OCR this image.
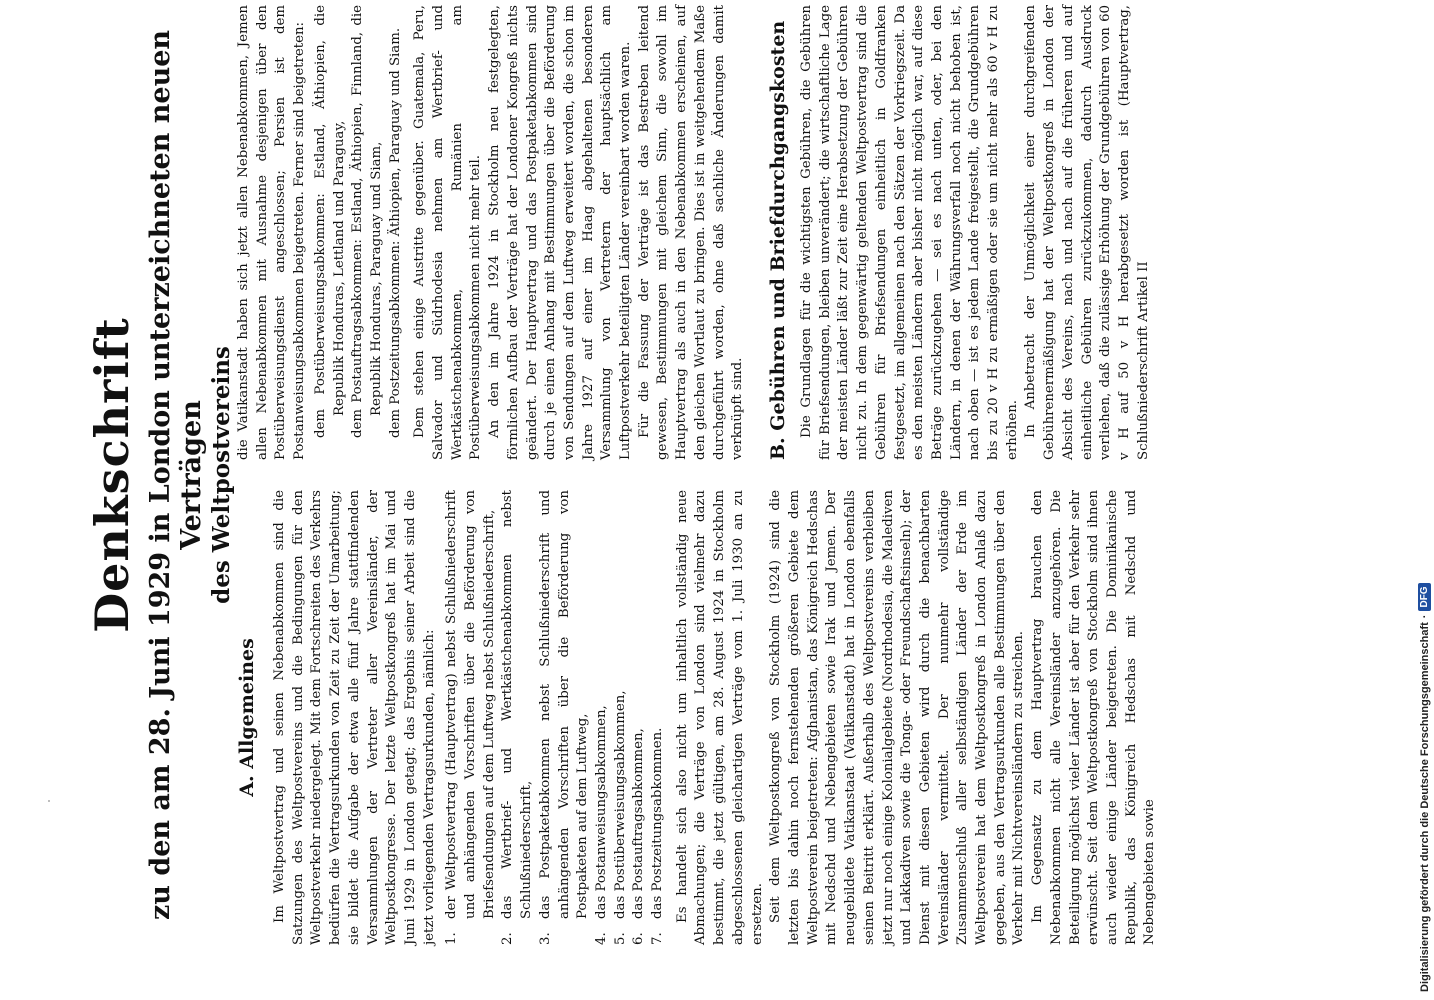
Denkschrift zu den am 28. Juni 1929 in London unterzeichneten neuen Verträgen des Weltpostvereins
A. Allgemeines Im Weltpostvertrag und seinen Nebenabkommen sind die Satzungen des Weltpostvereins und die Bedingungen für den Weltpostverkehr niedergelegt. Mit dem Fortschreiten des Verkehrs bedürfen die Vertragsurkunden von Zeit zu Zeit der Umarbeitung; sie bildet die Aufgabe der etwa alle fünf Jahre stattfindenden Versammlungen der Vertreter aller Vereinsländer, der Weltpostkongresse. Der letzte Weltpostkongreß hat im Mai und Juni 1929 in London getagt; das Ergebnis seiner Arbeit sind die jetzt vorliegenden Vertragsurkunden, nämlich: 1.
der Weltpostvertrag (Hauptvertrag) nebst Schlußniederschrift und anhängenden Vorschriften über die Beförderung von Briefsendungen auf dem Luftweg nebst Schlußniederschrift,
2.
das Wertbrief- und Wertkästchenabkommen nebst Schlußniederschrift,
3.
das Postpaketabkommen nebst Schlußniederschrift und anhängenden Vorschriften über die Beförderung von Postpaketen auf dem Luftweg,
4.
das Postanweisungsabkommen,
5.
das Postüberweisungsabkommen,
6.
das Postauftragsabkommen,
7.
das Postzeitungsabkommen. Es handelt sich also nicht um inhaltlich vollständig neue Abmachungen; die Verträge von London sind vielmehr dazu bestimmt, die jetzt gültigen, am 28. August 1924 in Stockholm abgeschlossenen gleichartigen Verträge vom 1. Juli 1930 an zu ersetzen. Seit dem Weltpostkongreß von Stockholm (1924) sind die letzten bis dahin noch fernstehenden größeren Gebiete dem Weltpostverein beigetreten: Afghanistan, das Königreich Hedschas mit Nedschd und Nebengebieten sowie Irak und Jemen. Der neugebildete Vatikanstaat (Vatikanstadt) hat in London ebenfalls seinen Beitritt erklärt. Außerhalb des Weltpostvereins verbleiben jetzt nur noch einige Kolonialgebiete (Nordrhodesia, die Malediven und Lakkadiven sowie die Tonga- oder Freundschaftsinseln); der Dienst mit diesen Gebieten wird durch die benachbarten Vereinsländer vermittelt. Der nunmehr vollständige Zusammenschluß aller selbständigen Länder der Erde im Weltpostverein hat dem Weltpostkongreß in London Anlaß dazu gegeben, aus den Vertragsurkunden alle Bestimmungen über den Verkehr mit Nichtvereinsländern zu streichen. Im Gegensatz zu dem Hauptvertrag brauchen den Nebenabkommen nicht alle Vereinsländer anzugehören. Die Beteiligung möglichst vieler Länder ist aber für den Verkehr sehr erwünscht. Seit dem Weltpostkongreß von Stockholm sind ihnen auch wieder einige Länder beigetreten. Die Dominikanische Republik, das Königreich Hedschas mit Nedschd und Nebengebieten sowie

die Vatikanstadt haben sich jetzt allen Nebenabkommen, Jemen allen Nebenabkommen mit Ausnahme desjenigen über den Postüberweisungsdienst angeschlossen; Persien ist dem Postanweisungsabkommen beigetreten. Ferner sind beigetreten: dem Postüberweisungsabkommen: Estland, Äthiopien, die Republik Honduras, Lettland und Paraguay, dem Postauftragsabkommen: Estland, Äthiopien, Finnland, die Republik Honduras, Paraguay und Siam, dem Postzeitungsabkommen: Äthiopien, Paraguay und Siam. Dem stehen einige Austritte gegenüber. Guatemala, Peru, Salvador und Südrhodesia nehmen am Wertbrief- und Wertkästchenabkommen, Rumänien am Postüberweisungsabkommen nicht mehr teil. An den im Jahre 1924 in Stockholm neu festgelegten, förmlichen Aufbau der Verträge hat der Londoner Kongreß nichts geändert. Der Hauptvertrag und das Postpaketabkommen sind durch je einen Anhang mit Bestimmungen über die Beförderung von Sendungen auf dem Luftweg erweitert worden, die schon im Jahre 1927 auf einer im Haag abgehaltenen besonderen Versammlung von Vertretern der hauptsächlich am Luftpostverkehr beteiligten Länder vereinbart worden waren. Für die Fassung der Verträge ist das Bestreben leitend gewesen, Bestimmungen mit gleichem Sinn, die sowohl im Hauptvertrag als auch in den Nebenabkommen erscheinen, auf den gleichen Wortlaut zu bringen. Dies ist in weitgehendem Maße durchgeführt worden, ohne daß sachliche Änderungen damit verknüpft sind. B. Gebühren und Briefdurchgangskosten Die Grundlagen für die wichtigsten Gebühren, die Gebühren für Briefsendungen, bleiben unverändert; die wirtschaftliche Lage der meisten Länder läßt zur Zeit eine Herabsetzung der Gebühren nicht zu. In dem gegenwärtig geltenden Weltpostvertrag sind die Gebühren für Briefsendungen einheitlich in Goldfranken festgesetzt, im allgemeinen nach den Sätzen der Vorkriegszeit. Da es den meisten Ländern aber bisher nicht möglich war, auf diese Beträge zurückzugehen — sei es nach unten, oder, bei den Ländern, in denen der Währungsverfall noch nicht behoben ist, nach oben — ist es jedem Lande freigestellt, die Grundgebühren bis zu 20 v H zu ermäßigen oder sie um nicht mehr als 60 v H zu erhöhen. In Anbetracht der Unmöglichkeit einer durchgreifenden Gebührenermäßigung hat der Weltpostkongreß in London der Absicht des Vereins, nach und nach auf die früheren und auf einheitliche Gebühren zurückzukommen, dadurch Ausdruck verliehen, daß die zulässige Erhöhung der Grundgebühren von 60 v H auf 50 v H herabgesetzt worden ist (Hauptvertrag, Schlußniederschrift Artikel II

Digitalisierung gefördert durch die Deutsche Forschungsgemeinschaft
·
DFG
